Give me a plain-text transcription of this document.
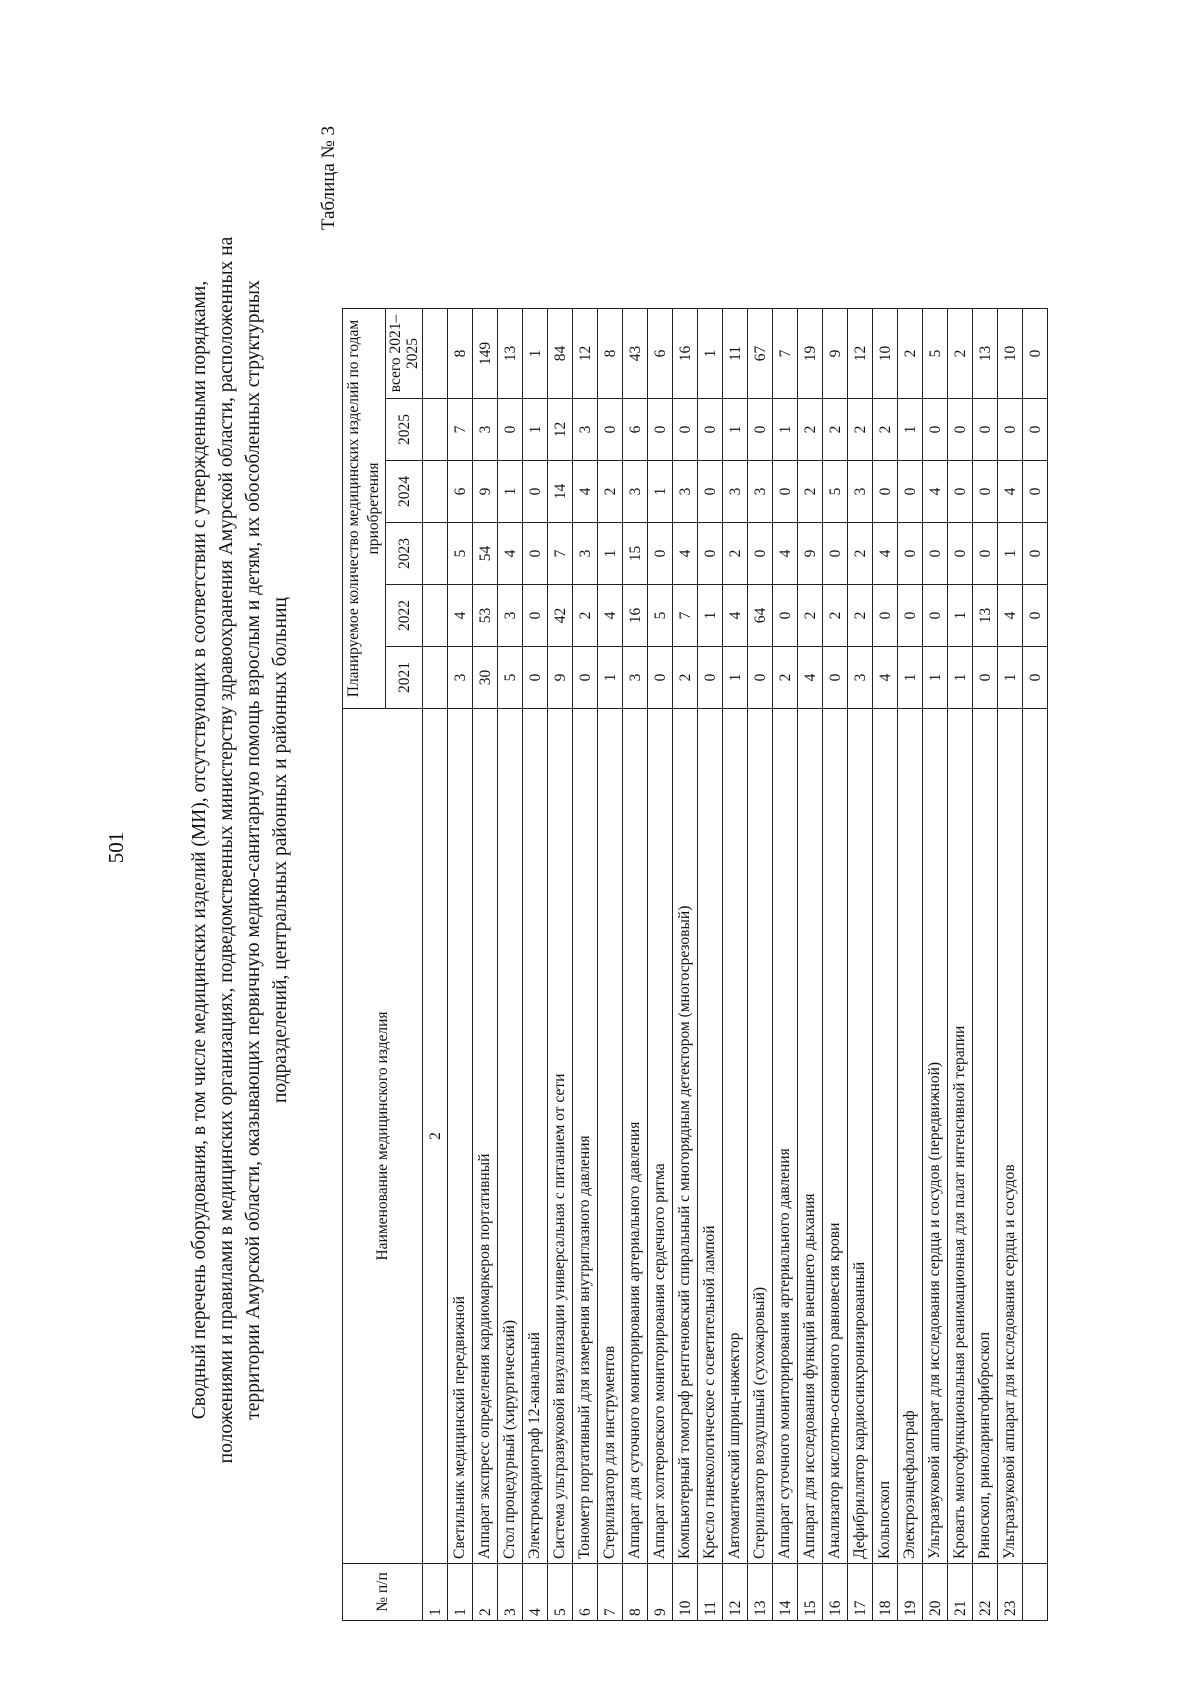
501	Сводный перечень оборудования, в том числе медицинских изделий (МИ), отсутствующих в соответствии с утвержденными порядками, положениями и правилами в медицинских организациях, подведомственных министерству здравоохранения Амурской области, расположенных на территории Амурской области, оказывающих первичную медико-санитарную помощь взрослым и детям, их обособленных структурных подразделений, центральных районных и районных больниц
Таблица № 3
№ п/п	Наименование медицинского изделия	Планируемое количество медицинских изделий по годам приобретения					
		2021	2022	2023	2024	2025	всего 2021–2025
1	2						
1	Светильник медицинский передвижной	3	4	5	6	7	8
2	Аппарат экспресс определения кардиомаркеров портативный	30	53	54	9	3	149
3	Стол процедурный (хирургический)	5	3	4	1	0	13
4	Электрокардиограф 12-канальный	0	0	0	0	1	1
5	Система ультразвуковой визуализации универсальная с питанием от сети	9	42	7	14	12	84
6	Тонометр портативный для измерения внутриглазного давления	0	2	3	4	3	12
7	Стерилизатор для инструментов	1	4	1	2	0	8
8	Аппарат для суточного мониторирования артериального давления	3	16	15	3	6	43
9	Аппарат холтеровского мониторирования сердечного ритма	0	5	0	1	0	6
10	Компьютерный томограф рентгеновский спиральный с многорядным детектором (многосрезовый)	2	7	4	3	0	16
11	Кресло гинекологическое с осветительной лампой	0	1	0	0	0	1
12	Автоматический шприц-инжектор	1	4	2	3	1	11
13	Стерилизатор воздушный (сухожаровый)	0	64	0	3	0	67
14	Аппарат суточного мониторирования артериального давления	2	0	4	0	1	7
15	Аппарат для исследования функций внешнего дыхания	4	2	9	2	2	19
16	Анализатор кислотно-основного равновесия крови	0	2	0	5	2	9
17	Дефибриллятор кардиосинхронизированный	3	2	2	3	2	12
18	Кольпоскоп	4	0	4	0	2	10
19	Электроэнцефалограф	1	0	0	0	1	2
20	Ультразвуковой аппарат для исследования сердца и сосудов (передвижной)	1	0	0	4	0	5
21	Кровать многофункциональная реанимационная для палат интенсивной терапии	1	1	0	0	0	2
22	Риноскоп, риноларингофиброскоп	0	13	0	0	0	13
23	Ультразвуковой аппарат для исследования сердца и сосудов	1	4	1	4	0	10
		0	0	0	0	0	0
